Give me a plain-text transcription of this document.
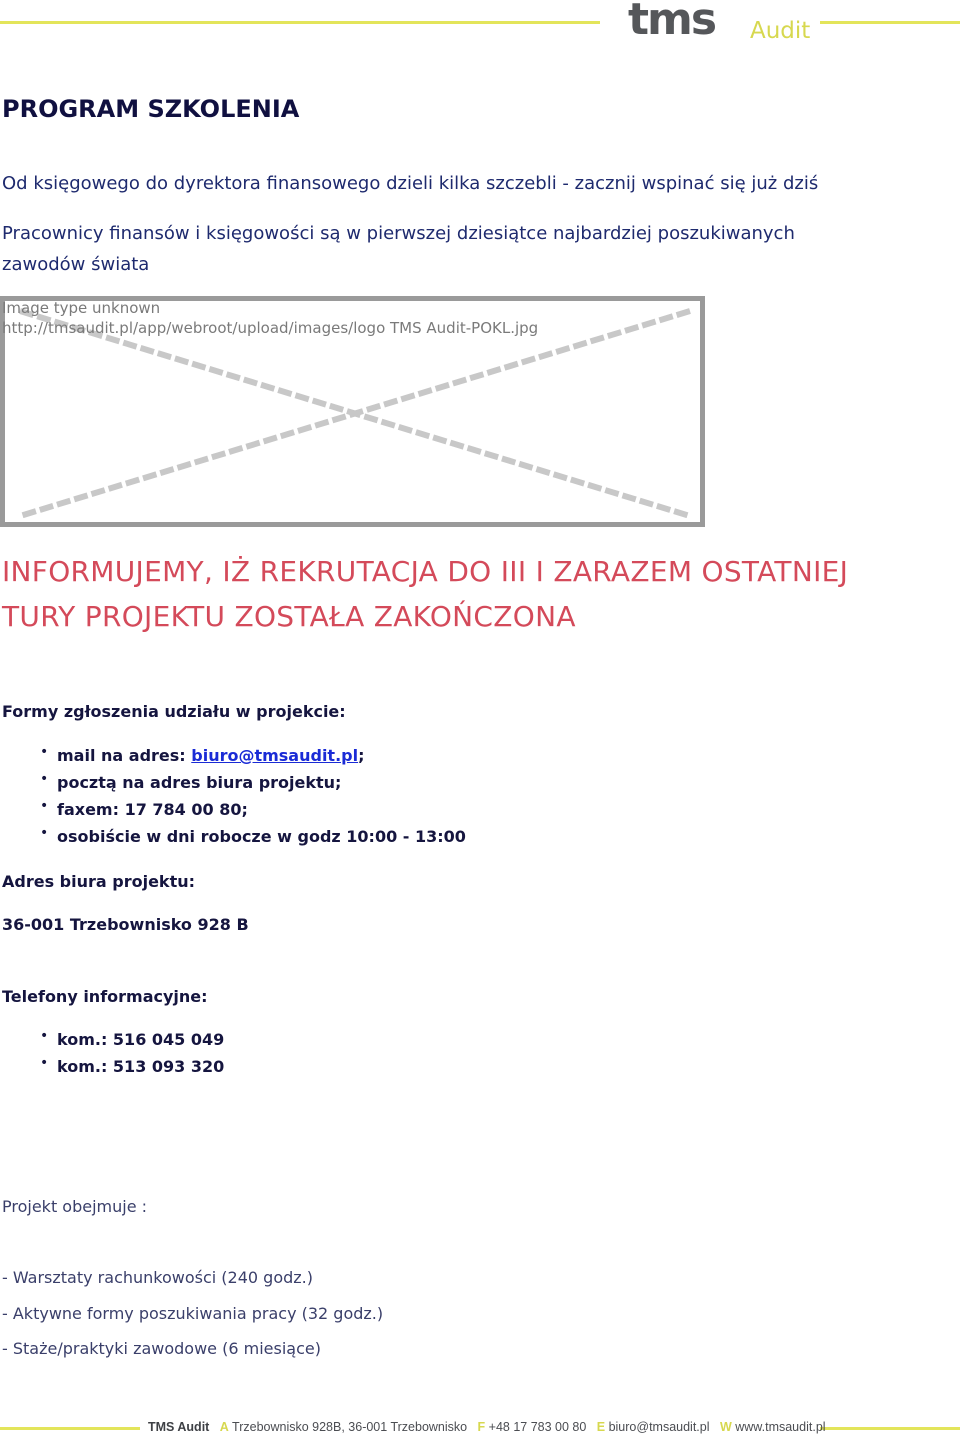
tms Audit
PROGRAM SZKOLENIA
Od księgowego do dyrektora finansowego dzieli kilka szczebli - zacznij wspinać się już dziś
Pracownicy finansów i księgowości są w pierwszej dziesiątce najbardziej poszukiwanych
zawodów świata
Image type unknown
http://tmsaudit.pl/app/webroot/upload/images/logo TMS Audit-POKL.jpg
INFORMUJEMY, IŻ REKRUTACJA DO III I ZARAZEM OSTATNIEJ
TURY PROJEKTU ZOSTAŁA ZAKOŃCZONA
Formy zgłoszenia udziału w projekcie:
• mail na adres: biuro@tmsaudit.pl;
• pocztą na adres biura projektu;
• faxem: 17 784 00 80;
• osobiście w dni robocze w godz 10:00 - 13:00
Adres biura projektu:
36-001 Trzebownisko 928 B
Telefony informacyjne:
• kom.: 516 045 049
• kom.: 513 093 320
Projekt obejmuje :
- Warsztaty rachunkowości (240 godz.)
- Aktywne formy poszukiwania pracy (32 godz.)
- Staże/praktyki zawodowe (6 miesiące)
TMS Audit A Trzebownisko 928B, 36-001 Trzebownisko F +48 17 783 00 80 E biuro@tmsaudit.pl W www.tmsaudit.pl
